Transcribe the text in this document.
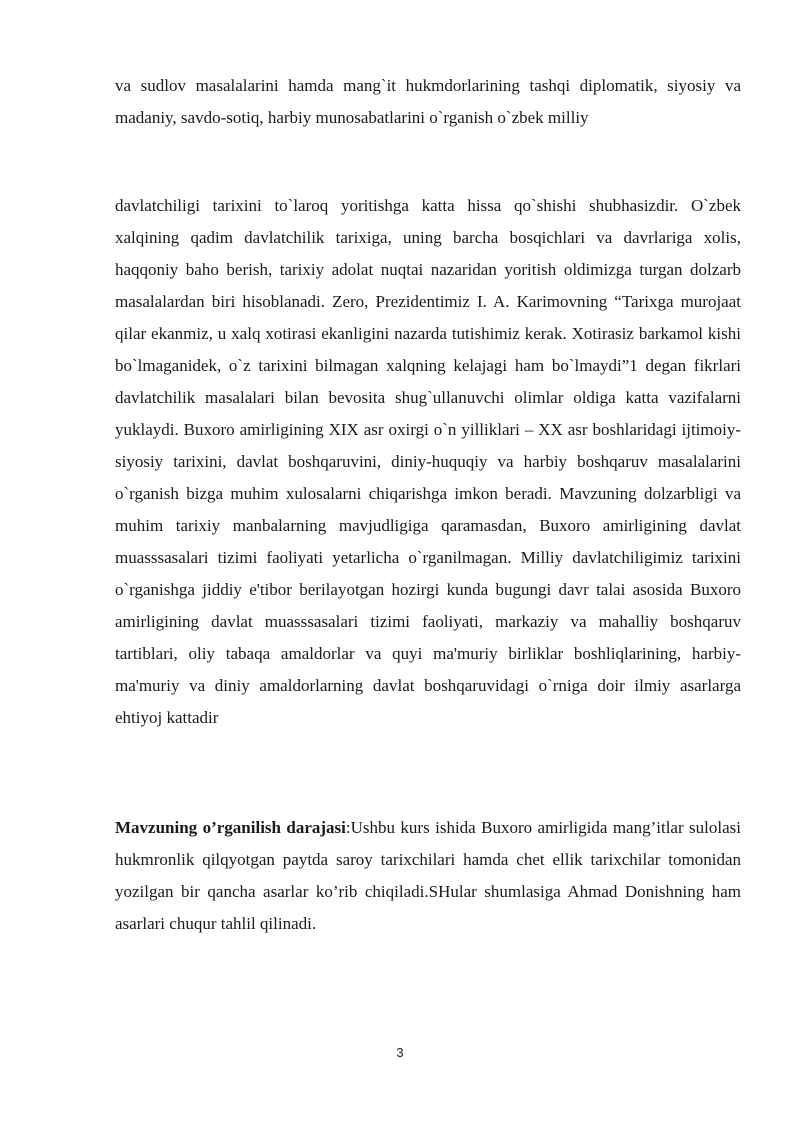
va sudlov masalalarini hamda mang`it hukmdorlarining tashqi diplomatik, siyosiy va madaniy, savdo-sotiq, harbiy munosabatlarini o`rganish o`zbek milliy

davlatchiligi tarixini to`laroq yoritishga katta hissa qo`shishi shubhasizdir. O`zbek xalqining qadim davlatchilik tarixiga, uning barcha bosqichlari va davrlariga xolis, haqqoniy baho berish, tarixiy adolat nuqtai nazaridan yoritish oldimizga turgan dolzarb masalalardan biri hisoblanadi. Zero, Prezidentimiz I. A. Karimovning “Tarixga murojaat qilar ekanmiz, u xalq xotirasi ekanligini nazarda tutishimiz kerak. Xotirasiz barkamol kishi bo`lmaganidek, o`z tarixini bilmagan xalqning kelajagi ham bo`lmaydi”1 degan fikrlari davlatchilik masalalari bilan bevosita shug`ullanuvchi olimlar oldiga katta vazifalarni yuklaydi. Buxoro amirligining XIX asr oxirgi o`n yilliklari – XX asr boshlaridagi ijtimoiy-siyosiy tarixini, davlat boshqaruvini, diniy-huquqiy va harbiy boshqaruv masalalarini o`rganish bizga muhim xulosalarni chiqarishga imkon beradi. Mavzuning dolzarbligi va muhim tarixiy manbalarning mavjudligiga qaramasdan, Buxoro amirligining davlat muasssasalari tizimi faoliyati yetarlicha o`rganilmagan. Milliy davlatchiligimiz tarixini o`rganishga jiddiy e'tibor berilayotgan hozirgi kunda bugungi davr talai asosida Buxoro amirligining davlat muasssasalari tizimi faoliyati, markaziy va mahalliy boshqaruv tartiblari, oliy tabaqa amaldorlar va quyi ma'muriy birliklar boshliqlarining, harbiy-ma'muriy va diniy amaldorlarning davlat boshqaruvidagi o`rniga doir ilmiy asarlarga ehtiyoj kattadir

Mavzuning o’rganilish darajasi:Ushbu kurs ishida Buxoro amirligida mang’itlar sulolasi hukmronlik qilqyotgan paytda saroy tarixchilari hamda chet ellik tarixchilar tomonidan yozilgan bir qancha asarlar ko’rib chiqiladi.SHular shumlasiga Ahmad Donishning ham asarlari chuqur tahlil qilinadi.

3
